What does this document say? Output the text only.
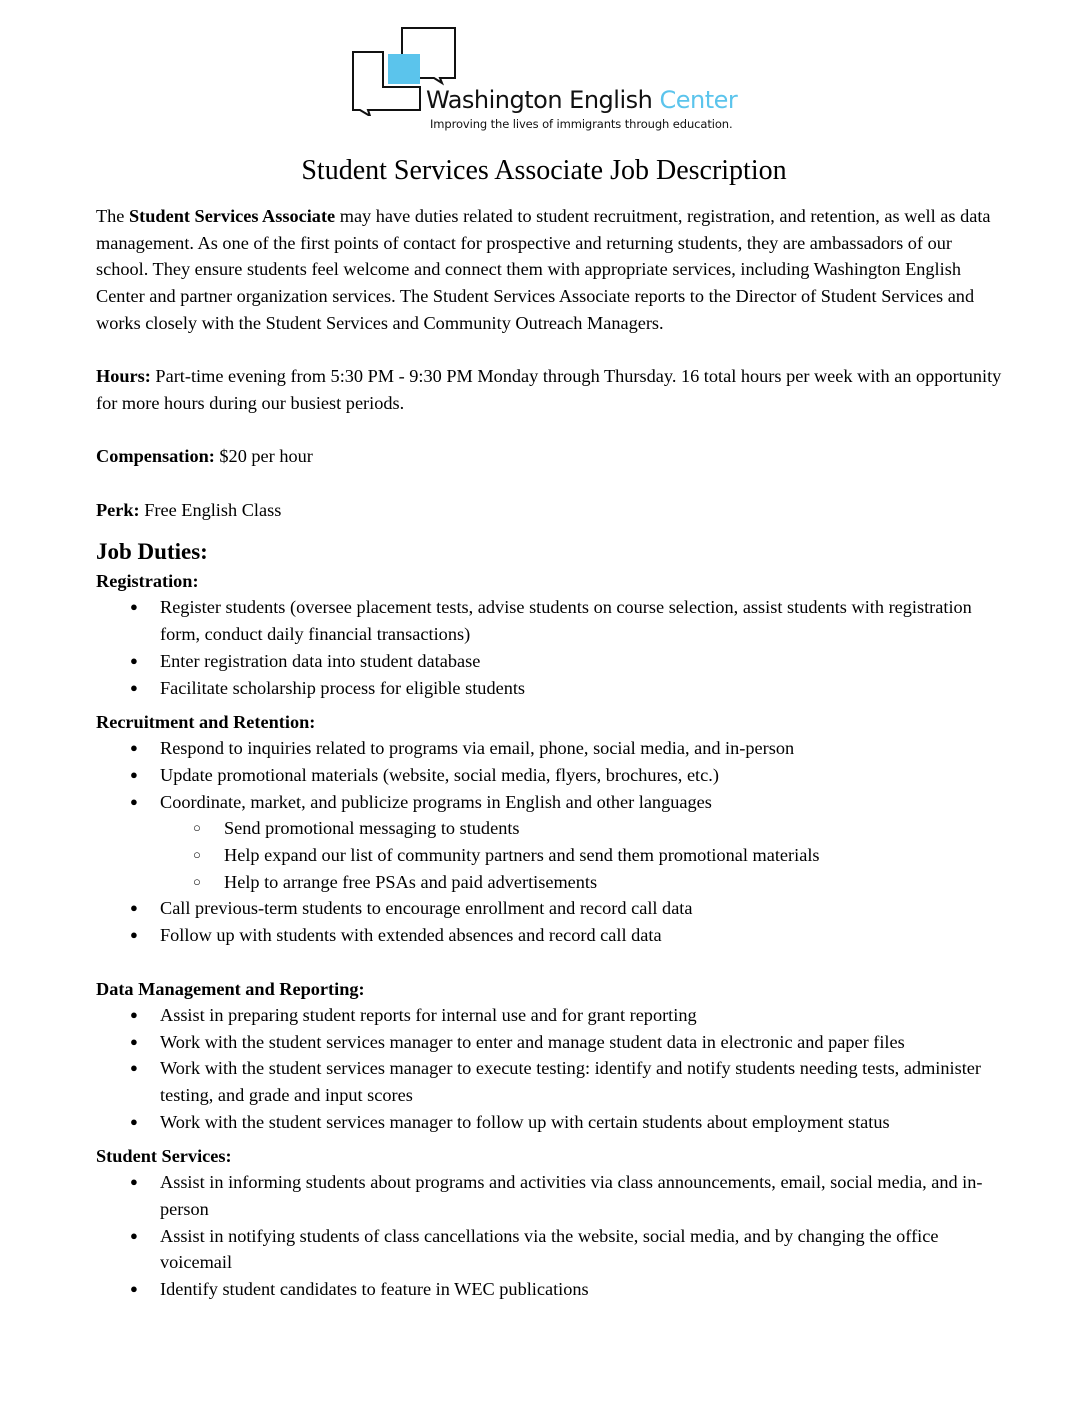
Washington English Center
Improving the lives of immigrants through education.
Student Services Associate Job Description

The Student Services Associate may have duties related to student recruitment, registration, and retention, as well as data management. As one of the first points of contact for prospective and returning students, they are ambassadors of our school. They ensure students feel welcome and connect them with appropriate services, including Washington English Center and partner organization services. The Student Services Associate reports to the Director of Student Services and works closely with the Student Services and Community Outreach Managers.

Hours: Part-time evening from 5:30 PM - 9:30 PM Monday through Thursday. 16 total hours per week with an opportunity for more hours during our busiest periods.

Compensation: $20 per hour

Perk: Free English Class

Job Duties:
Registration:
● Register students (oversee placement tests, advise students on course selection, assist students with registration form, conduct daily financial transactions)
● Enter registration data into student database
● Facilitate scholarship process for eligible students
Recruitment and Retention:
● Respond to inquiries related to programs via email, phone, social media, and in-person
● Update promotional materials (website, social media, flyers, brochures, etc.)
● Coordinate, market, and publicize programs in English and other languages
○ Send promotional messaging to students
○ Help expand our list of community partners and send them promotional materials
○ Help to arrange free PSAs and paid advertisements
● Call previous-term students to encourage enrollment and record call data
● Follow up with students with extended absences and record call data
Data Management and Reporting:
● Assist in preparing student reports for internal use and for grant reporting
● Work with the student services manager to enter and manage student data in electronic and paper files
● Work with the student services manager to execute testing: identify and notify students needing tests, administer testing, and grade and input scores
● Work with the student services manager to follow up with certain students about employment status
Student Services:
● Assist in informing students about programs and activities via class announcements, email, social media, and in-person
● Assist in notifying students of class cancellations via the website, social media, and by changing the office voicemail
● Identify student candidates to feature in WEC publications
